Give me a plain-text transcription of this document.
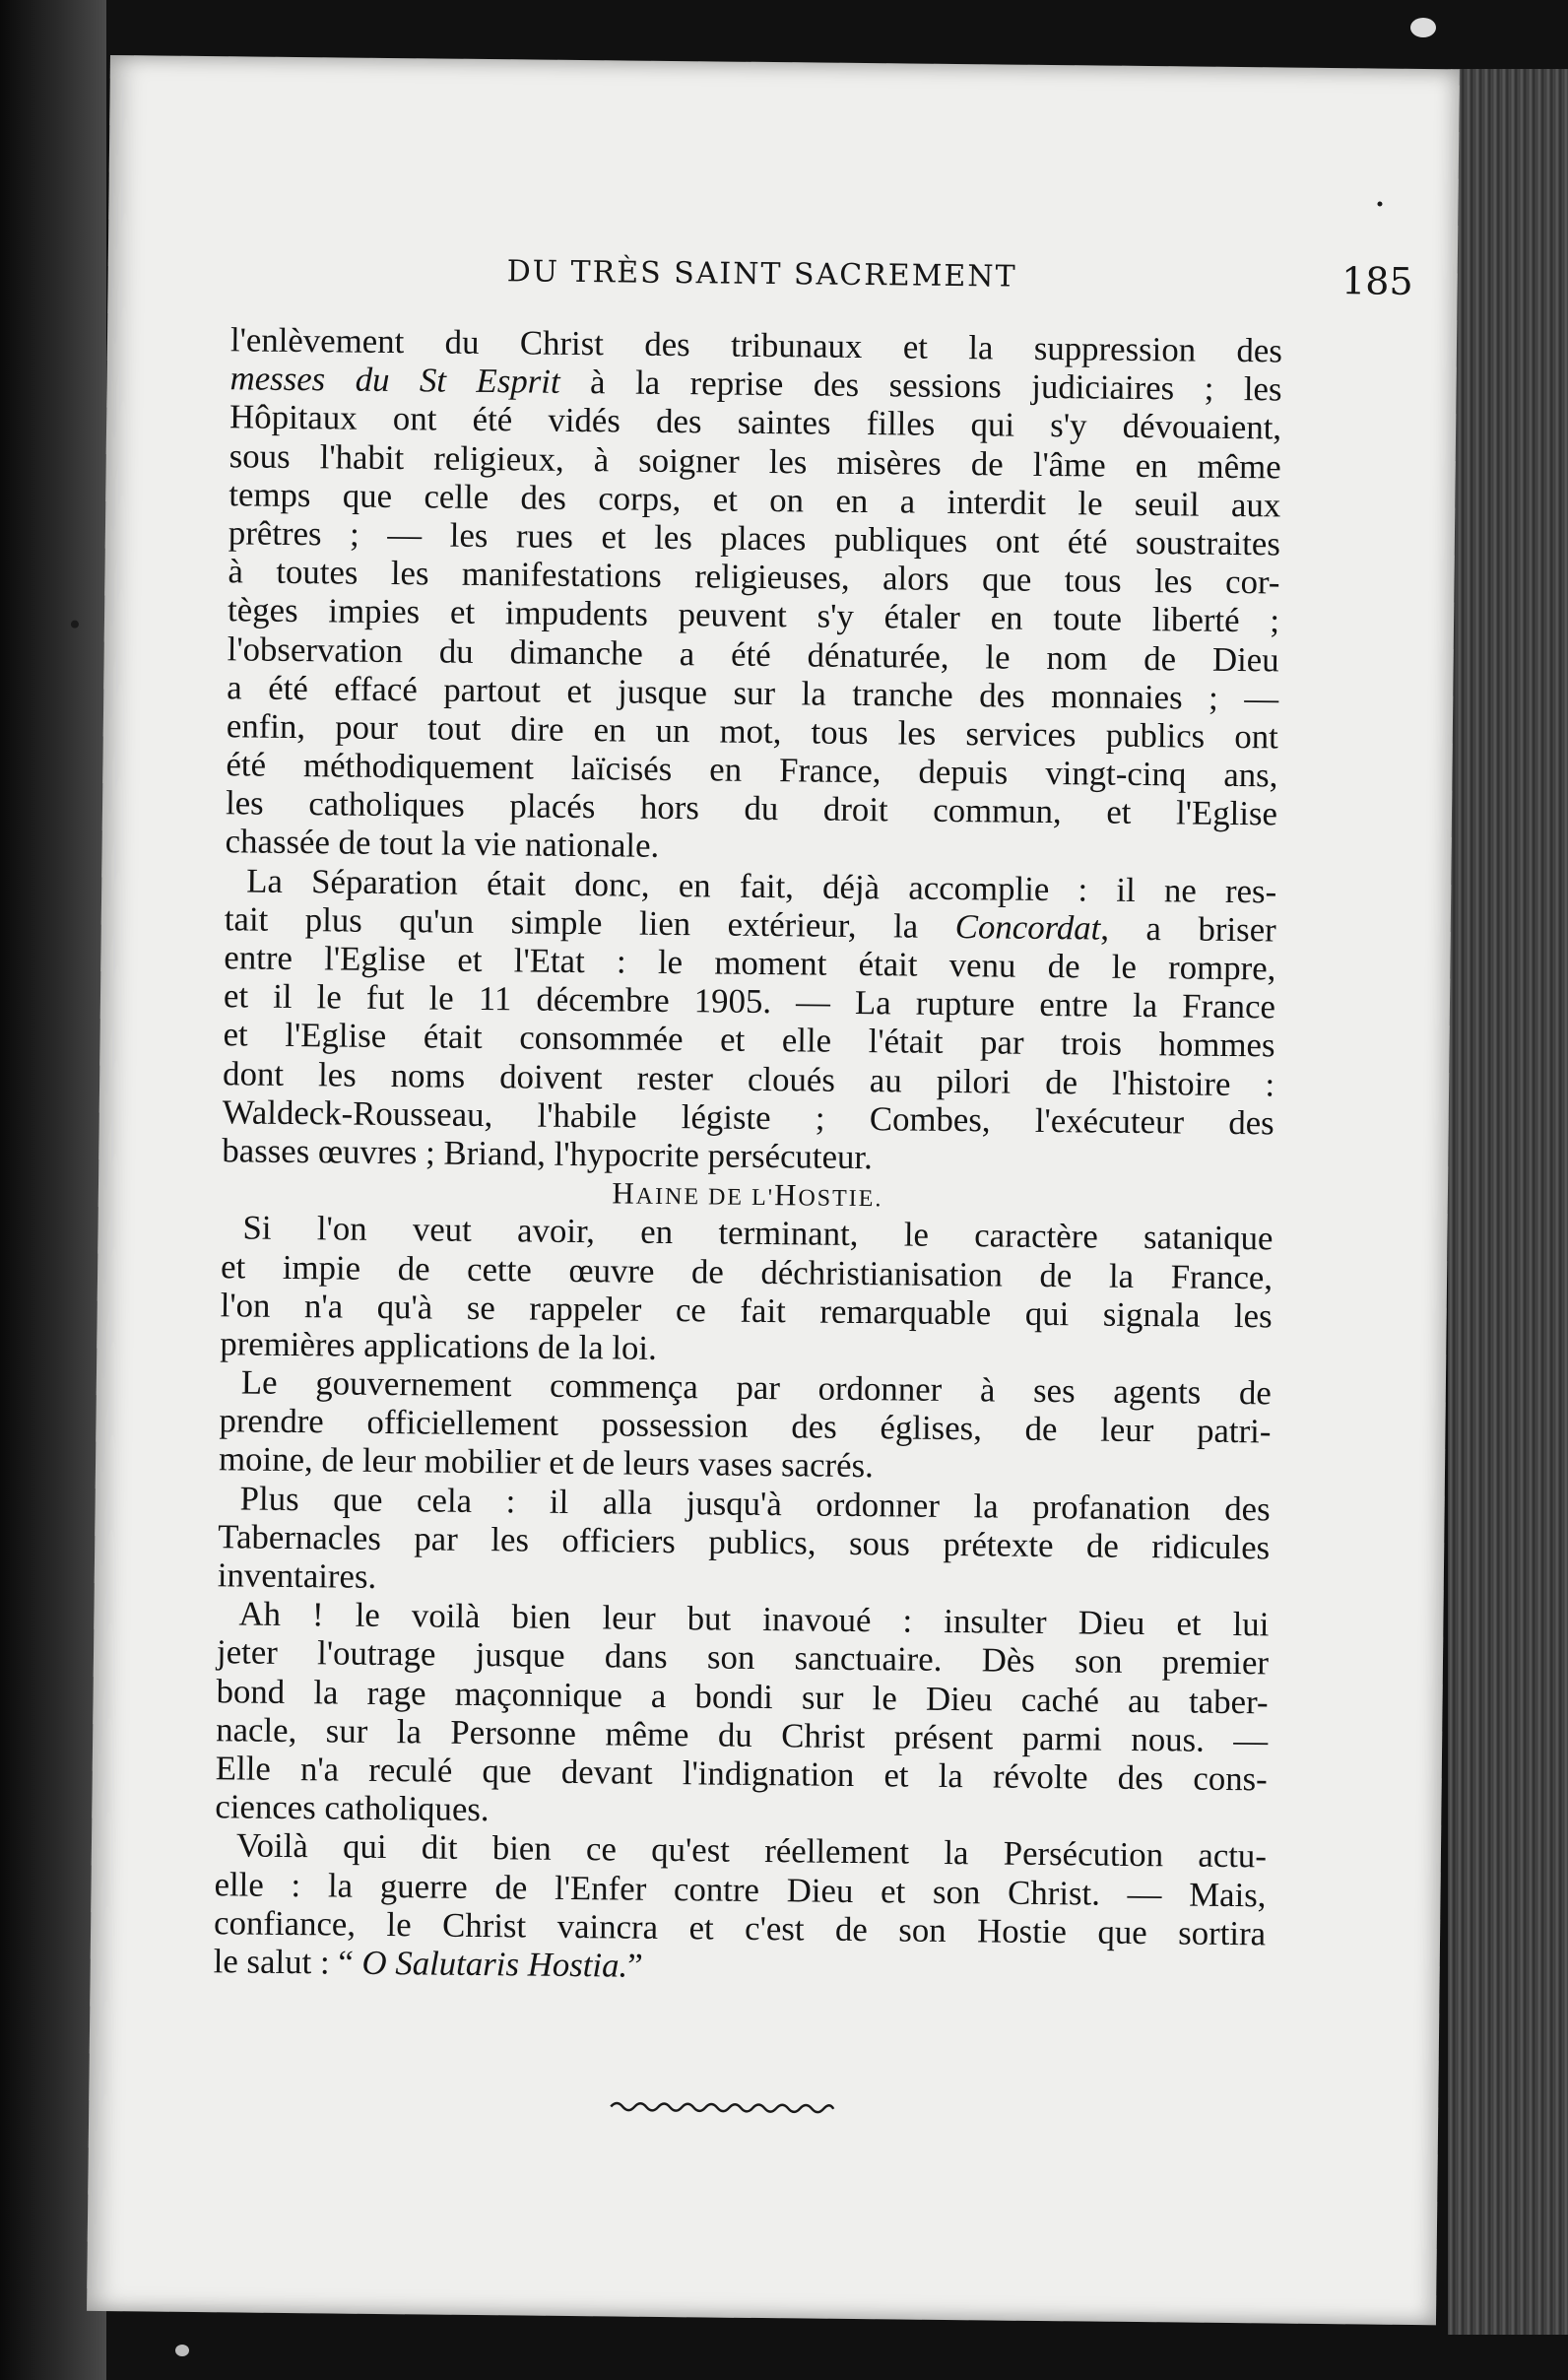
DU TRÈS SAINT SACREMENT	185
l'enlèvement du Christ des tribunaux et la suppression des
messes du St Esprit à la reprise des sessions judiciaires ; les
Hôpitaux ont été vidés des saintes filles qui s'y dévouaient,
sous l'habit religieux, à soigner les misères de l'âme en même
temps que celle des corps, et on en a interdit le seuil aux
prêtres ; — les rues et les places publiques ont été soustraites
à toutes les manifestations religieuses, alors que tous les cor-
tèges impies et impudents peuvent s'y étaler en toute liberté ;
l'observation du dimanche a été dénaturée, le nom de Dieu
a été effacé partout et jusque sur la tranche des monnaies ; —
enfin, pour tout dire en un mot, tous les services publics ont
été méthodiquement laïcisés en France, depuis vingt-cinq ans,
les catholiques placés hors du droit commun, et l'Eglise
chassée de tout la vie nationale.
La Séparation était donc, en fait, déjà accomplie : il ne res-
tait plus qu'un simple lien extérieur, la Concordat, a briser
entre l'Eglise et l'Etat : le moment était venu de le rompre,
et il le fut le 11 décembre 1905. — La rupture entre la France
et l'Eglise était consommée et elle l'était par trois hommes
dont les noms doivent rester cloués au pilori de l'histoire :
Waldeck-Rousseau, l'habile légiste ; Combes, l'exécuteur des
basses œuvres ; Briand, l'hypocrite persécuteur.
HAINE DE L'HOSTIE.
Si l'on veut avoir, en terminant, le caractère satanique
et impie de cette œuvre de déchristianisation de la France,
l'on n'a qu'à se rappeler ce fait remarquable qui signala les
premières applications de la loi.
Le gouvernement commença par ordonner à ses agents de
prendre officiellement possession des églises, de leur patri-
moine, de leur mobilier et de leurs vases sacrés.
Plus que cela : il alla jusqu'à ordonner la profanation des
Tabernacles par les officiers publics, sous prétexte de ridicules
inventaires.
Ah ! le voilà bien leur but inavoué : insulter Dieu et lui
jeter l'outrage jusque dans son sanctuaire. Dès son premier
bond la rage maçonnique a bondi sur le Dieu caché au taber-
nacle, sur la Personne même du Christ présent parmi nous. —
Elle n'a reculé que devant l'indignation et la révolte des cons-
ciences catholiques.
Voilà qui dit bien ce qu'est réellement la Persécution actu-
elle : la guerre de l'Enfer contre Dieu et son Christ. — Mais,
confiance, le Christ vaincra et c'est de son Hostie que sortira
le salut : “ O Salutaris Hostia.”
